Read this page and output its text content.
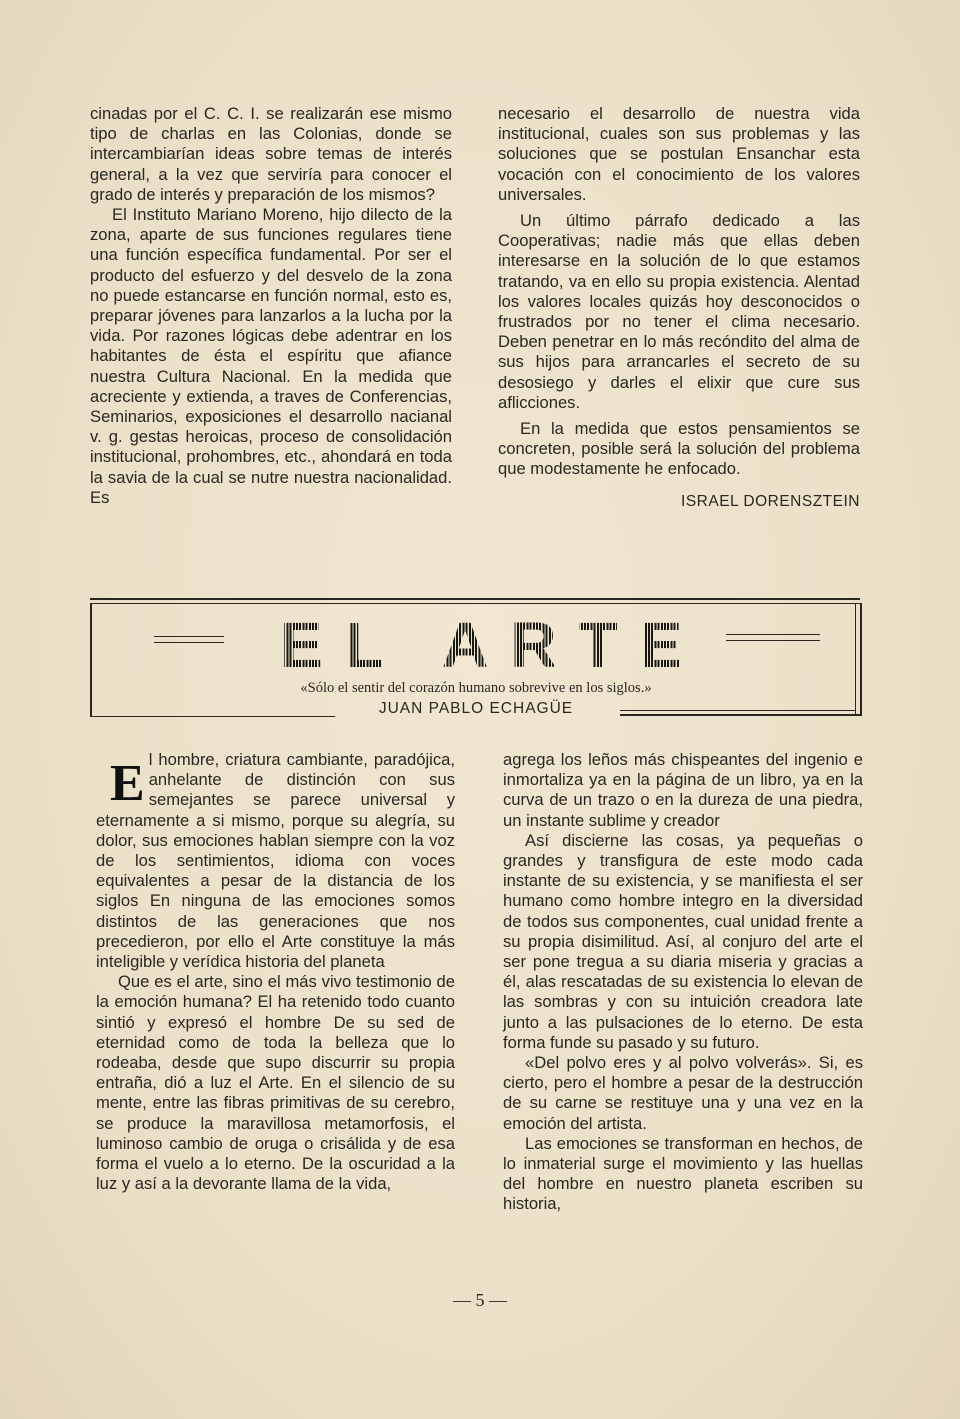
cinadas por el C. C. I. se realizarán ese mismo tipo de charlas en las Colonias, donde se intercambiarían ideas sobre temas de interés general, a la vez que serviría para conocer el grado de interés y preparación de los mismos?

El Instituto Mariano Moreno, hijo dilecto de la zona, aparte de sus funciones regulares tiene una función específica fundamental. Por ser el producto del esfuerzo y del desvelo de la zona no puede estancarse en función normal, esto es, preparar jóvenes para lanzarlos a la lucha por la vida. Por razones lógicas debe adentrar en los habitantes de ésta el espíritu que afiance nuestra Cultura Nacional. En la medida que acreciente y extienda, a traves de Conferencias, Seminarios, exposiciones el desarrollo nacianal v. g. gestas heroicas, proceso de consolidación institucional, prohombres, etc., ahondará en toda la savia de la cual se nutre nuestra nacionalidad. Es

necesario el desarrollo de nuestra vida institucional, cuales son sus problemas y las soluciones que se postulan Ensanchar esta vocación con el conocimiento de los valores universales.

Un último párrafo dedicado a las Cooperativas; nadie más que ellas deben interesarse en la solución de lo que estamos tratando, va en ello su propia existencia. Alentad los valores locales quizás hoy desconocidos o frustrados por no tener el clima necesario. Deben penetrar en lo más recóndito del alma de sus hijos para arrancarles el secreto de su desosiego y darles el elixir que cure sus aflicciones.

En la medida que estos pensamientos se concreten, posible será la solución del problema que modestamente he enfocado.

ISRAEL DORENSZTEIN

EL ARTE
«Sólo el sentir del corazón humano sobrevive en los siglos.»
JUAN PABLO ECHAGÜE

El hombre, criatura cambiante, paradójica, anhelante de distinción con sus semejantes se parece universal y eternamente a si mismo, porque su alegría, su dolor, sus emociones hablan siempre con la voz de los sentimientos, idioma con voces equivalentes a pesar de la distancia de los siglos En ninguna de las emociones somos distintos de las generaciones que nos precedieron, por ello el Arte constituye la más inteligible y verídica historia del planeta

Que es el arte, sino el más vivo testimonio de la emoción humana? El ha retenido todo cuanto sintió y expresó el hombre De su sed de eternidad como de toda la belleza que lo rodeaba, desde que supo discurrir su propia entraña, dió a luz el Arte. En el silencio de su mente, entre las fibras primitivas de su cerebro, se produce la maravillosa metamorfosis, el luminoso cambio de oruga o crisálida y de esa forma el vuelo a lo eterno. De la oscuridad a la luz y así a la devorante llama de la vida,

agrega los leños más chispeantes del ingenio e inmortaliza ya en la página de un libro, ya en la curva de un trazo o en la dureza de una piedra, un instante sublime y creador

Así discierne las cosas, ya pequeñas o grandes y transfigura de este modo cada instante de su existencia, y se manifiesta el ser humano como hombre integro en la diversidad de todos sus componentes, cual unidad frente a su propia disimilitud. Así, al conjuro del arte el ser pone tregua a su diaria miseria y gracias a él, alas rescatadas de su existencia lo elevan de las sombras y con su intuición creadora late junto a las pulsaciones de lo eterno. De esta forma funde su pasado y su futuro.

«Del polvo eres y al polvo volverás». Si, es cierto, pero el hombre a pesar de la destrucción de su carne se restituye una y una vez en la emoción del artista.

Las emociones se transforman en hechos, de lo inmaterial surge el movimiento y las huellas del hombre en nuestro planeta escriben su historia,

— 5 —
